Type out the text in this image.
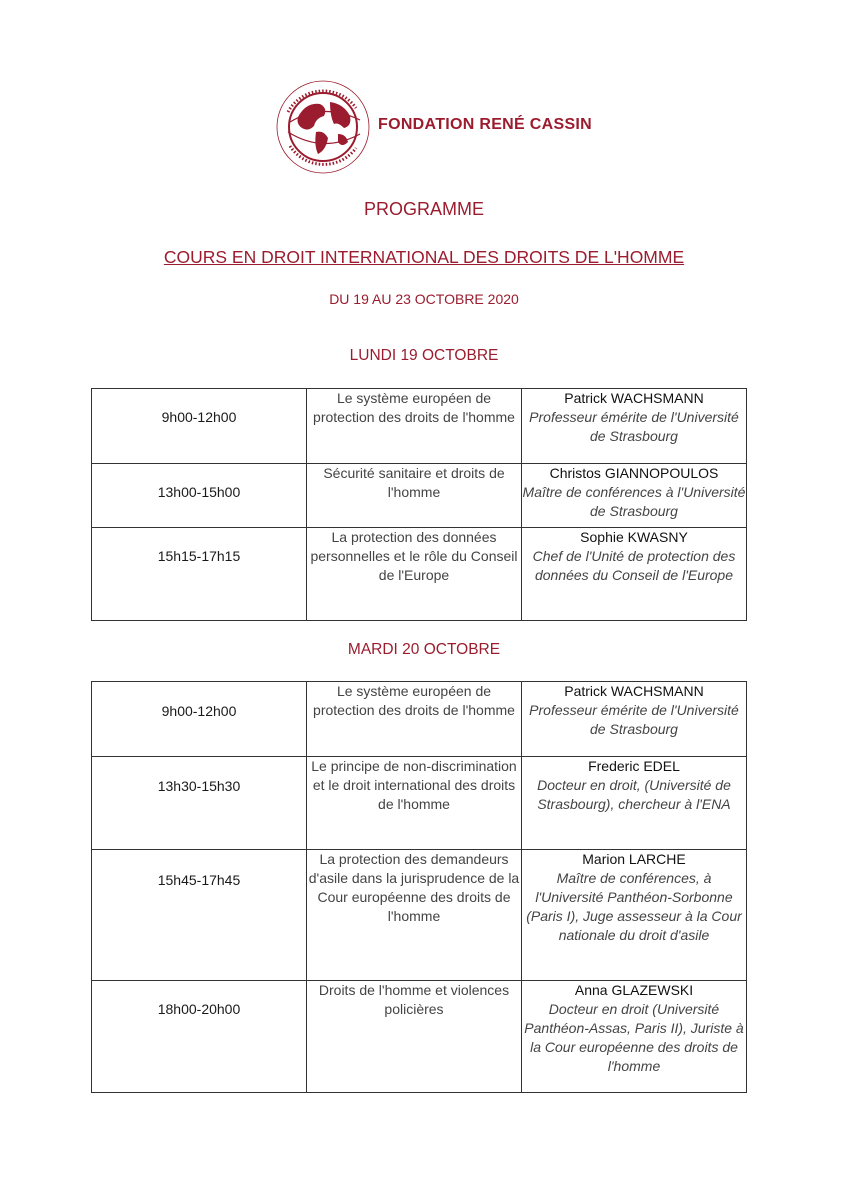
FONDATION RENÉ CASSIN
PROGRAMME
COURS EN DROIT INTERNATIONAL DES DROITS DE L'HOMME
DU 19 AU 23 OCTOBRE 2020
LUNDI 19 OCTOBRE
9h00-12h00	Le système européen de protection des droits de l'homme	Patrick WACHSMANN
Professeur émérite de l'Université de Strasbourg

13h00-15h00	Sécurité sanitaire et droits de l'homme	Christos GIANNOPOULOS
Maître de conférences à l'Université de Strasbourg

15h15-17h15	La protection des données personnelles et le rôle du Conseil de l'Europe	Sophie KWASNY
Chef de l'Unité de protection des données du Conseil de l'Europe
MARDI 20 OCTOBRE
9h00-12h00	Le système européen de protection des droits de l'homme	Patrick WACHSMANN
Professeur émérite de l'Université de Strasbourg

13h30-15h30	Le principe de non-discrimination et le droit international des droits de l'homme	Frederic EDEL
Docteur en droit, (Université de Strasbourg), chercheur à l'ENA

15h45-17h45	La protection des demandeurs d'asile dans la jurisprudence de la Cour européenne des droits de l'homme	Marion LARCHE
Maître de conférences, à l'Université Panthéon-Sorbonne (Paris I), Juge assesseur à la Cour nationale du droit d'asile

18h00-20h00	Droits de l'homme et violences policières	Anna GLAZEWSKI
Docteur en droit (Université Panthéon-Assas, Paris II), Juriste à la Cour européenne des droits de l'homme
